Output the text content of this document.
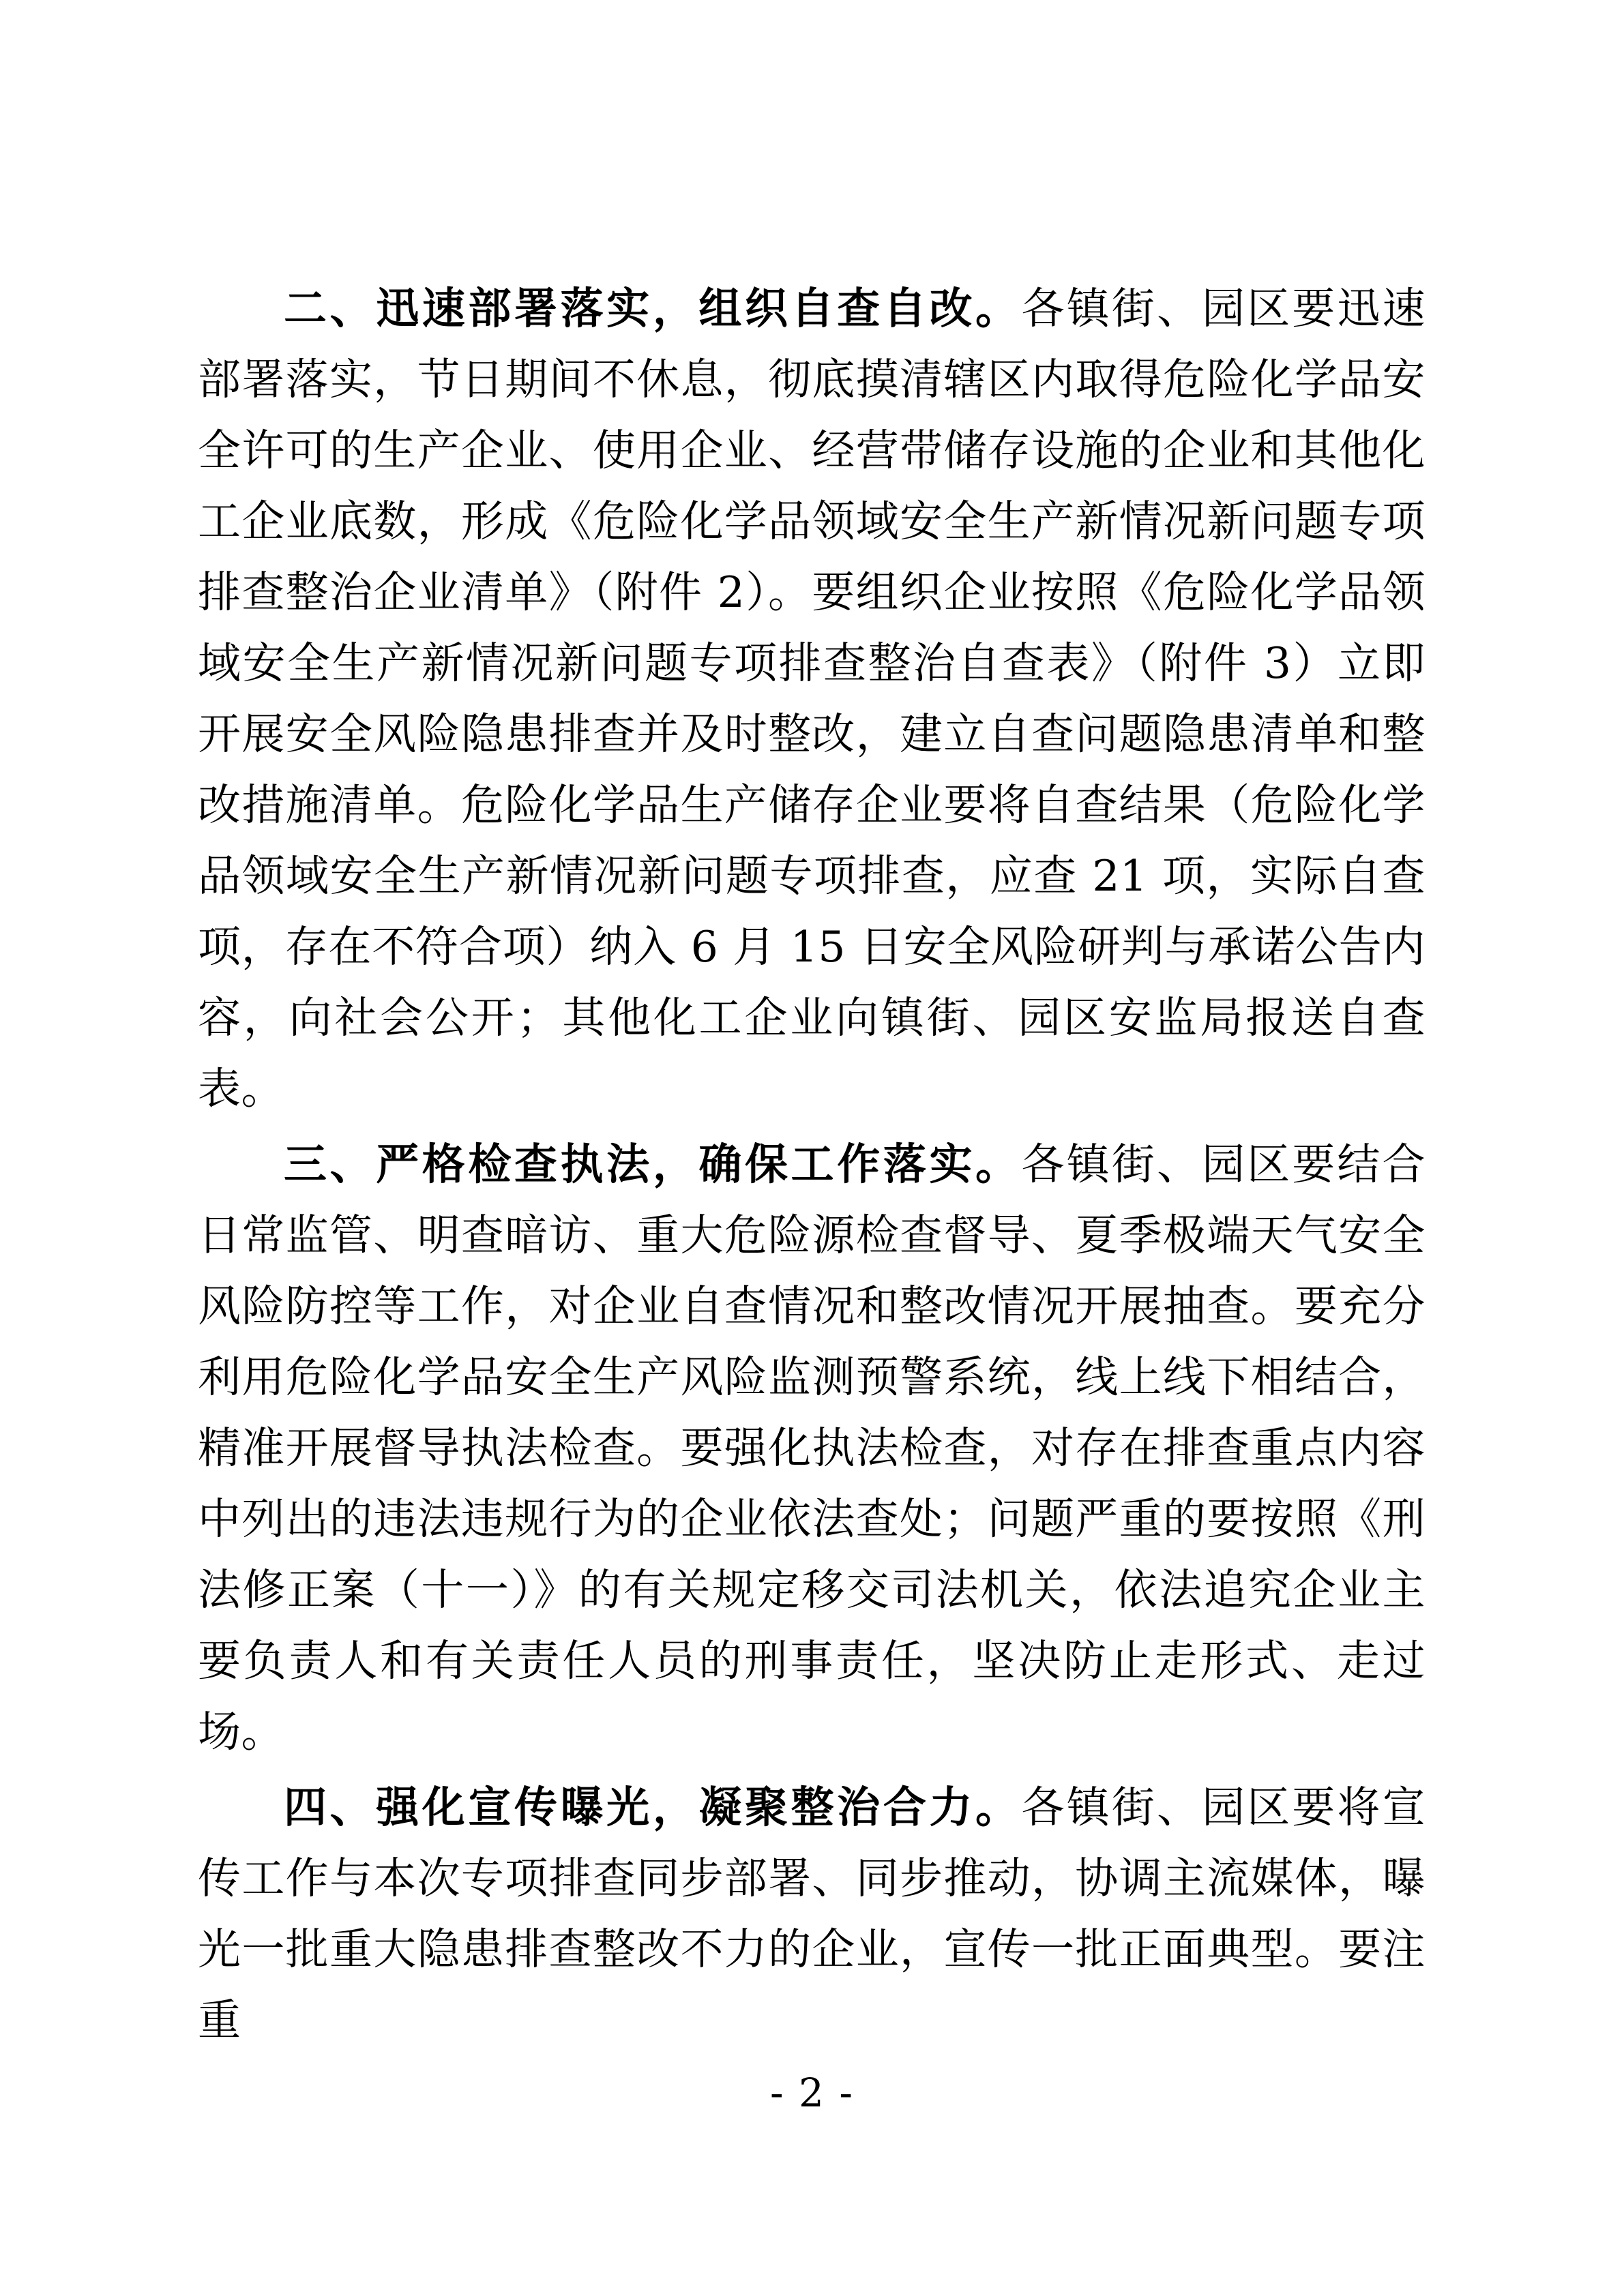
二、迅速部署落实，组织自查自改。各镇街、园区要迅速部署落实，节日期间不休息，彻底摸清辖区内取得危险化学品安全许可的生产企业、使用企业、经营带储存设施的企业和其他化工企业底数，形成《危险化学品领域安全生产新情况新问题专项排查整治企业清单》（附件 2）。要组织企业按照《危险化学品领域安全生产新情况新问题专项排查整治自查表》（附件 3）立即开展安全风险隐患排查并及时整改，建立自查问题隐患清单和整改措施清单。危险化学品生产储存企业要将自查结果（危险化学品领域安全生产新情况新问题专项排查，应查 21 项，实际自查项，存在不符合项）纳入 6 月 15 日安全风险研判与承诺公告内容，向社会公开；其他化工企业向镇街、园区安监局报送自查表。

三、严格检查执法，确保工作落实。各镇街、园区要结合日常监管、明查暗访、重大危险源检查督导、夏季极端天气安全风险防控等工作，对企业自查情况和整改情况开展抽查。要充分利用危险化学品安全生产风险监测预警系统，线上线下相结合，精准开展督导执法检查。要强化执法检查，对存在排查重点内容中列出的违法违规行为的企业依法查处；问题严重的要按照《刑法修正案（十一）》的有关规定移交司法机关，依法追究企业主要负责人和有关责任人员的刑事责任，坚决防止走形式、走过场。

四、强化宣传曝光，凝聚整治合力。各镇街、园区要将宣传工作与本次专项排查同步部署、同步推动，协调主流媒体，曝光一批重大隐患排查整改不力的企业，宣传一批正面典型。要注重

- 2 -
